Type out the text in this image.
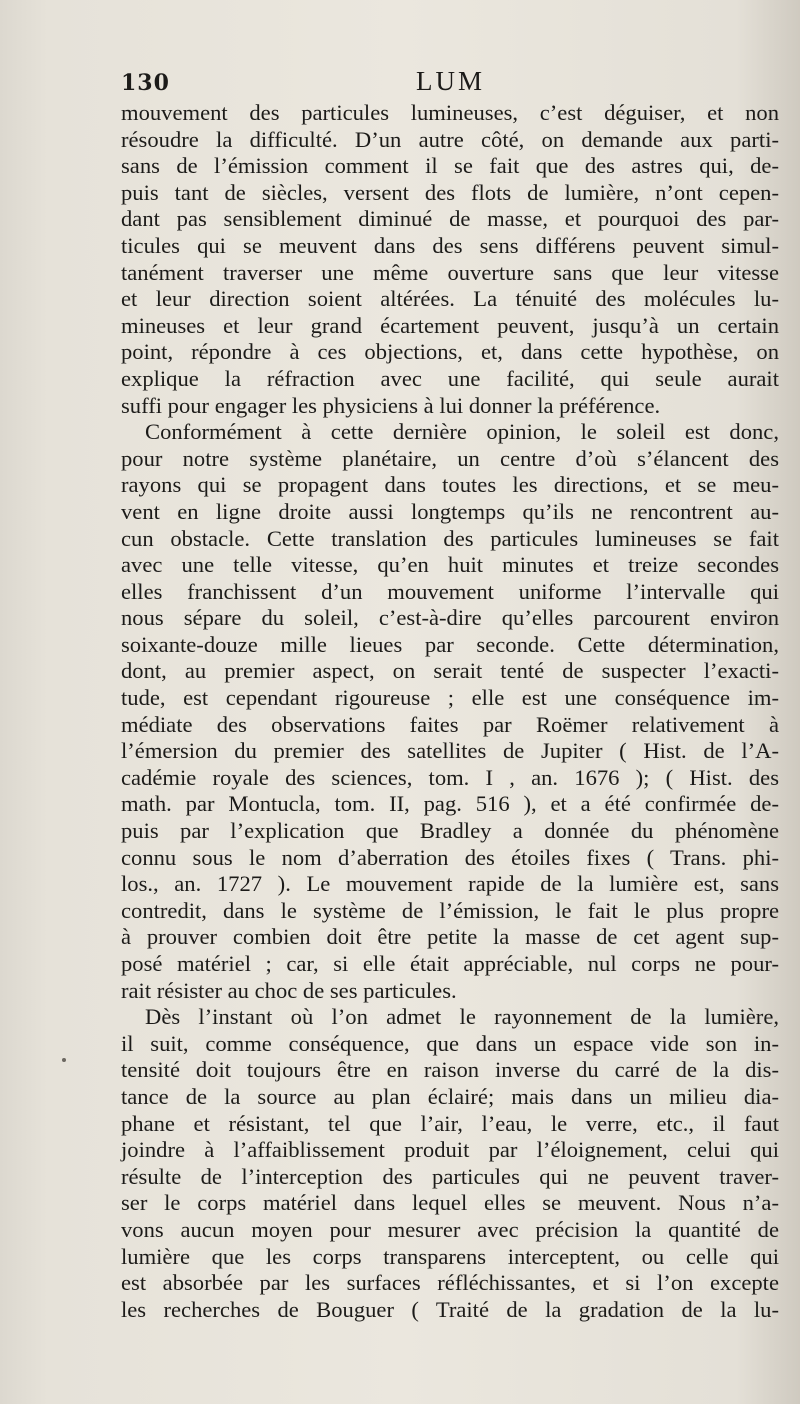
130	LUM

mouvement des particules lumineuses, c’est déguiser, et non

résoudre la difficulté. D’un autre côté, on demande aux parti-

sans de l’émission comment il se fait que des astres qui, de-

puis tant de siècles, versent des flots de lumière, n’ont cepen-

dant pas sensiblement diminué de masse, et pourquoi des par-

ticules qui se meuvent dans des sens différens peuvent simul-

tanément traverser une même ouverture sans que leur vitesse

et leur direction soient altérées. La ténuité des molécules lu-

mineuses et leur grand écartement peuvent, jusqu’à un certain

point, répondre à ces objections, et, dans cette hypothèse, on

explique la réfraction avec une facilité, qui seule aurait

suffi pour engager les physiciens à lui donner la préférence.

Conformément à cette dernière opinion, le soleil est donc,

pour notre système planétaire, un centre d’où s’élancent des

rayons qui se propagent dans toutes les directions, et se meu-

vent en ligne droite aussi longtemps qu’ils ne rencontrent au-

cun obstacle. Cette translation des particules lumineuses se fait

avec une telle vitesse, qu’en huit minutes et treize secondes

elles franchissent d’un mouvement uniforme l’intervalle qui

nous sépare du soleil, c’est-à-dire qu’elles parcourent environ

soixante-douze mille lieues par seconde. Cette détermination,

dont, au premier aspect, on serait tenté de suspecter l’exacti-

tude, est cependant rigoureuse ; elle est une conséquence im-

médiate des observations faites par Roëmer relativement à

l’émersion du premier des satellites de Jupiter ( Hist. de l’A-

cadémie royale des sciences, tom. I , an. 1676 ); ( Hist. des

math. par Montucla, tom. II, pag. 516 ), et a été confirmée de-

puis par l’explication que Bradley a donnée du phénomène

connu sous le nom d’aberration des étoiles fixes ( Trans. phi-

los., an. 1727 ). Le mouvement rapide de la lumière est, sans

contredit, dans le système de l’émission, le fait le plus propre

à prouver combien doit être petite la masse de cet agent sup-

posé matériel ; car, si elle était appréciable, nul corps ne pour-

rait résister au choc de ses particules.

Dès l’instant où l’on admet le rayonnement de la lumière,

il suit, comme conséquence, que dans un espace vide son in-

tensité doit toujours être en raison inverse du carré de la dis-

tance de la source au plan éclairé; mais dans un milieu dia-

phane et résistant, tel que l’air, l’eau, le verre, etc., il faut

joindre à l’affaiblissement produit par l’éloignement, celui qui

résulte de l’interception des particules qui ne peuvent traver-

ser le corps matériel dans lequel elles se meuvent. Nous n’a-

vons aucun moyen pour mesurer avec précision la quantité de

lumière que les corps transparens interceptent, ou celle qui

est absorbée par les surfaces réfléchissantes, et si l’on excepte

les recherches de Bouguer ( Traité de la gradation de la lu-
